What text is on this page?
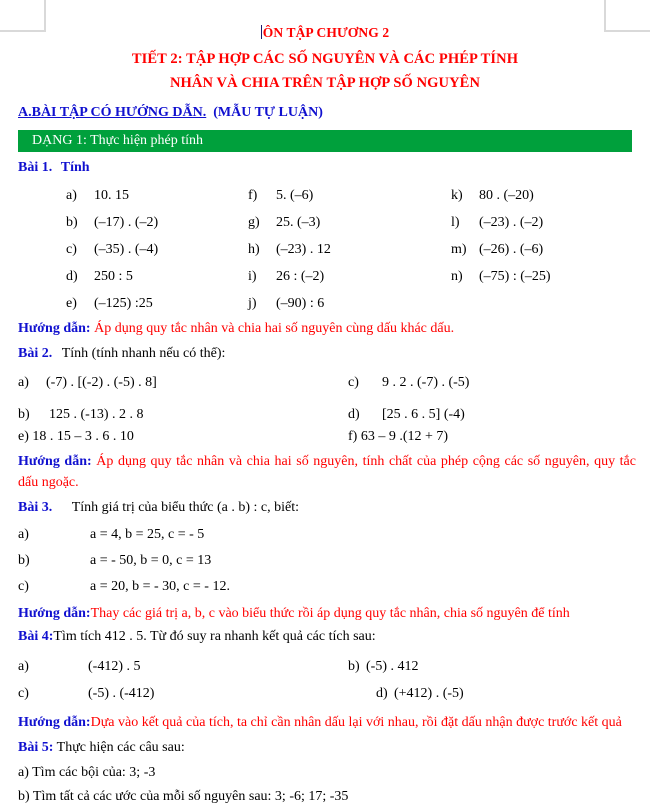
ÔN TẬP CHƯƠNG 2
TIẾT 2: TẬP HỢP CÁC SỐ NGUYÊN VÀ CÁC PHÉP TÍNH
NHÂN VÀ CHIA TRÊN TẬP HỢP SỐ NGUYÊN
A.BÀI TẬP CÓ HƯỚNG DẪN. (MẪU TỰ LUẬN)
DẠNG 1: Thực hiện phép tính
Bài 1. Tính
a)	10. 15	f)	5. (–6)	k)	80 . (–20)
b)	(–17) . (–2)	g)	25. (–3)	l)	(–23) . (–2)
c)	(–35) . (–4)	h)	(–23) . 12	m) (–26) . (–6)
d)	250 : 5	i)	26 : (–2)	n)	(–75) : (–25)
e)	(–125) :25	j)	(–90) : 6
Hướng dẫn: Áp dụng quy tắc nhân và chia hai số nguyên cùng dấu khác dấu.
Bài 2. Tính (tính nhanh nếu có thể):
a)	(-7) . [(-2) . (-5) . 8]	c)	9 . 2 . (-7) . (-5)
b)	125 . (-13) . 2 . 8	d)	[25 . 6 . 5] (-4)
e) 18 . 15 – 3 . 6 . 10	f) 63 – 9 .(12 + 7)
Hướng dẫn: Áp dụng quy tắc nhân và chia hai số nguyên, tính chất của phép cộng các số nguyên, quy tắc dấu ngoặc.
Bài 3. Tính giá trị của biểu thức (a . b) : c, biết:
a)	a = 4, b = 25, c = - 5
b)	a = - 50, b = 0, c = 13
c)	a = 20, b = - 30, c = - 12.
Hướng dẫn:Thay các giá trị a, b, c vào biểu thức rồi áp dụng quy tắc nhân, chia số nguyên để tính
Bài 4:Tìm tích 412 . 5. Từ đó suy ra nhanh kết quả các tích sau:
a)	(-412) . 5	b) (-5) . 412
c)	(-5) . (-412)	d) (+412) . (-5)
Hướng dẫn:Dựa vào kết quả của tích, ta chỉ cần nhân dấu lại với nhau, rồi đặt dấu nhận được trước kết quả
Bài 5: Thực hiện các câu sau:
a) Tìm các bội của: 3; -3
b) Tìm tất cả các ước của mỗi số nguyên sau: 3; -6; 17; -35
